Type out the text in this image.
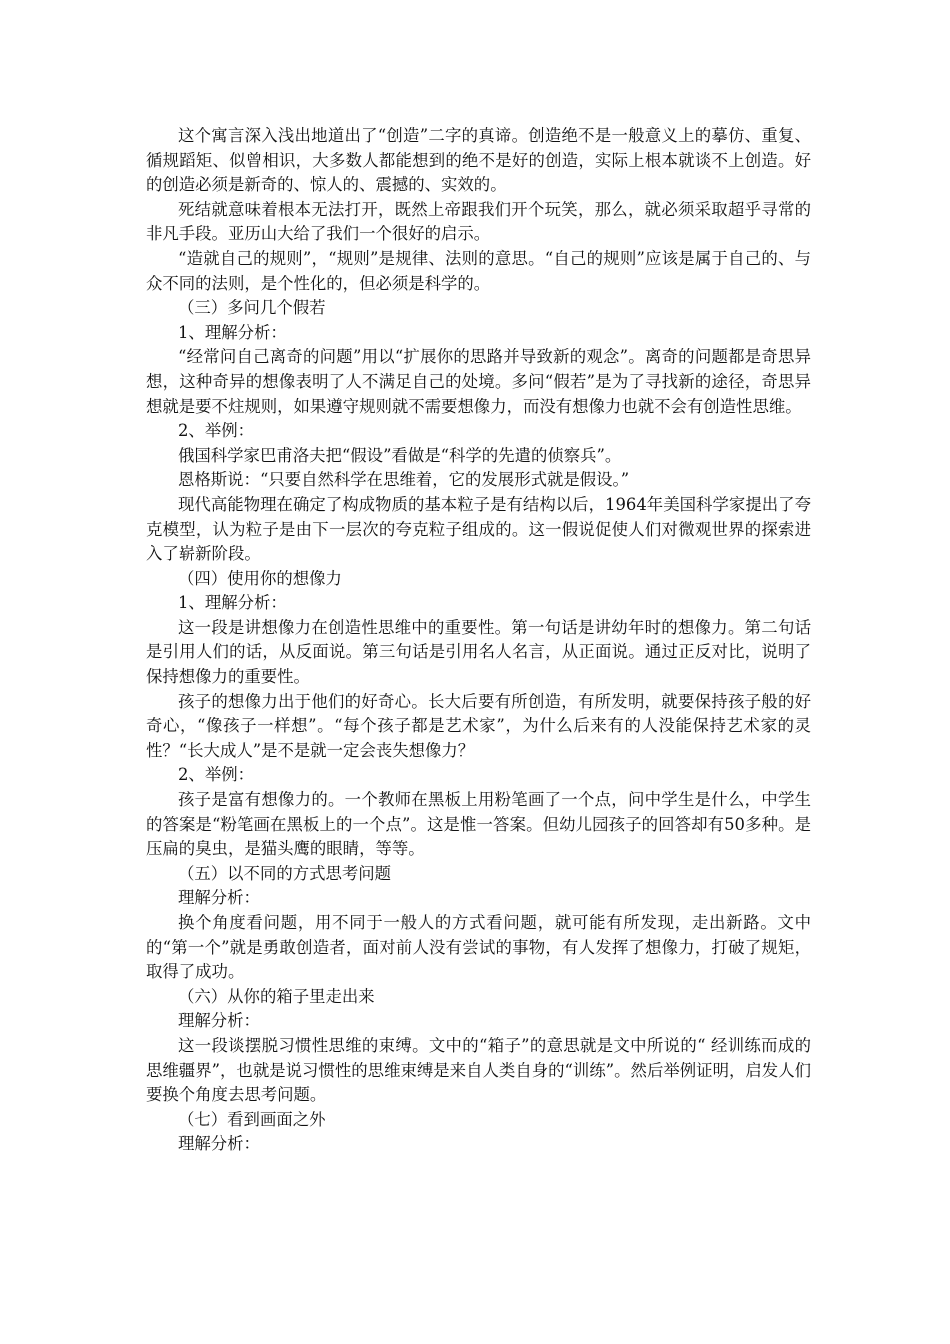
这个寓言深入浅出地道出了“创造”二字的真谛。创造绝不是一般意义上的摹仿、重复、循规蹈矩、似曾相识，大多数人都能想到的绝不是好的创造，实际上根本就谈不上创造。好的创造必须是新奇的、惊人的、震撼的、实效的。

死结就意味着根本无法打开，既然上帝跟我们开个玩笑，那么，就必须采取超乎寻常的非凡手段。亚历山大给了我们一个很好的启示。

“造就自己的规则”，“规则”是规律、法则的意思。“自己的规则”应该是属于自己的、与众不同的法则，是个性化的，但必须是科学的。

（三）多问几个假若

1、理解分析：

“经常问自己离奇的问题”用以“扩展你的思路并导致新的观念”。离奇的问题都是奇思异想，这种奇异的想像表明了人不满足自己的处境。多问“假若”是为了寻找新的途径，奇思异想就是要不炷规则，如果遵守规则就不需要想像力，而没有想像力也就不会有创造性思维。

2、举例：

俄国科学家巴甫洛夫把“假设”看做是“科学的先遣的侦察兵”。

恩格斯说：“只要自然科学在思维着，它的发展形式就是假设。”

现代高能物理在确定了构成物质的基本粒子是有结构以后，1964年美国科学家提出了夸克模型，认为粒子是由下一层次的夸克粒子组成的。这一假说促使人们对微观世界的探索进入了崭新阶段。

（四）使用你的想像力

1、理解分析：

这一段是讲想像力在创造性思维中的重要性。第一句话是讲幼年时的想像力。第二句话是引用人们的话，从反面说。第三句话是引用名人名言，从正面说。通过正反对比，说明了保持想像力的重要性。

孩子的想像力出于他们的好奇心。长大后要有所创造，有所发明，就要保持孩子般的好奇心，“像孩子一样想”。“每个孩子都是艺术家”，为什么后来有的人没能保持艺术家的灵性？“长大成人”是不是就一定会丧失想像力？

2、举例：

孩子是富有想像力的。一个教师在黑板上用粉笔画了一个点，问中学生是什么，中学生的答案是“粉笔画在黑板上的一个点”。这是惟一答案。但幼儿园孩子的回答却有50多种。是压扁的臭虫，是猫头鹰的眼睛，等等。

（五）以不同的方式思考问题

理解分析：

换个角度看问题，用不同于一般人的方式看问题，就可能有所发现，走出新路。文中的“第一个”就是勇敢创造者，面对前人没有尝试的事物，有人发挥了想像力，打破了规矩，取得了成功。

（六）从你的箱子里走出来

理解分析：

这一段谈摆脱习惯性思维的束缚。文中的“箱子”的意思就是文中所说的“ 经训练而成的思维疆界”，也就是说习惯性的思维束缚是来自人类自身的“训练”。然后举例证明，启发人们要换个角度去思考问题。

（七）看到画面之外

理解分析：
